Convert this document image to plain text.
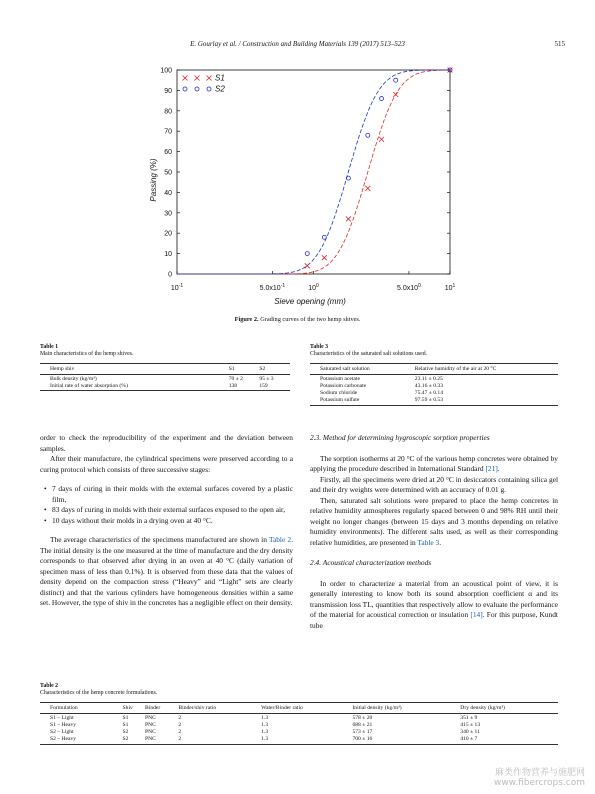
E. Gourlay et al. / Construction and Building Materials 139 (2017) 513–523	515
0
10
20
30
40
50
60
70
80
90
100
$10^{-1}$	$5.0x10^{-1}$	$10^0$	$5.0x10^0$	$10^1$
S1
S2
Passing (%)
Sieve opening (mm)
Figure 2. Grading curves of the two hemp shives.
Table 1
Main characteristics of the hemp shives.
Hemp shiv	S1	S2
Bulk density (kg/m³)	70 ± 2	95 ± 3
Initial rate of water absorption (%)	138	159
Table 3
Characteristics of the saturated salt solutions used.
Saturated salt solution	Relative humidity of the air at 20 °C
Potassium acetate	23.11 ± 0.25
Potassium carbonate	43.16 ± 0.33
Sodium chloride	75.47 ± 0.14
Potassium sulfate	97.59 ± 0.53

order to check the reproducibility of the experiment and the deviation between samples.

After their manufacture, the cylindrical specimens were preserved according to a curing protocol which consists of three successive stages:

• 7 days of curing in their molds with the external surfaces covered by a plastic film,
• 83 days of curing in molds with their external surfaces exposed to the open air,
• 10 days without their molds in a drying oven at 40 °C.

The average characteristics of the specimens manufactured are shown in Table 2. The initial density is the one measured at the time of manufacture and the dry density corresponds to that observed after drying in an oven at 40 °C (daily variation of specimen mass of less than 0.1%). It is observed from these data that the values of density depend on the compaction stress (“Heavy” and “Light” sets are clearly distinct) and that the various cylinders have homogeneous densities within a same set. However, the type of shiv in the concretes has a negligible effect on their density.

2.3. Method for determining hygroscopic sorption properties

The sorption isotherms at 20 °C of the various hemp concretes were obtained by applying the procedure described in International Standard [21].

Firstly, all the specimens were dried at 20 °C in desiccators containing silica gel and their dry weights were determined with an accuracy of 0.01 g.

Then, saturated salt solutions were prepared to place the hemp concretes in relative humidity atmospheres regularly spaced between 0 and 98% RH until their weight no longer changes (between 15 days and 3 months depending on relative humidity environments). The different salts used, as well as their corresponding relative humidities, are presented in Table 3.

2.4. Acoustical characterization methods

In order to characterize a material from an acoustical point of view, it is generally interesting to know both its sound absorption coefficient α and its transmission loss TL, quantities that respectively allow to evaluate the performance of the material for acoustical correction or insulation [14]. For this purpose, Kundt tube

Table 2
Characteristics of the hemp concrete formulations.
Formulation	Shiv	Binder	Binder/shiv ratio	Water/Binder ratio	Initial density (kg/m³)	Dry density (kg/m³)
S1 – Light	S1	PNC	2	1.3	578 ± 20	351 ± 9
S1 – Heavy	S1	PNC	2	1.3	688 ± 21	415 ± 13
S2 – Light	S2	PNC	2	1.3	573 ± 17	340 ± 11
S2 – Heavy	S2	PNC	2	1.3	700 ± 16	410 ± 7
麻类作物营养与施肥网
www.fibercrops.com
